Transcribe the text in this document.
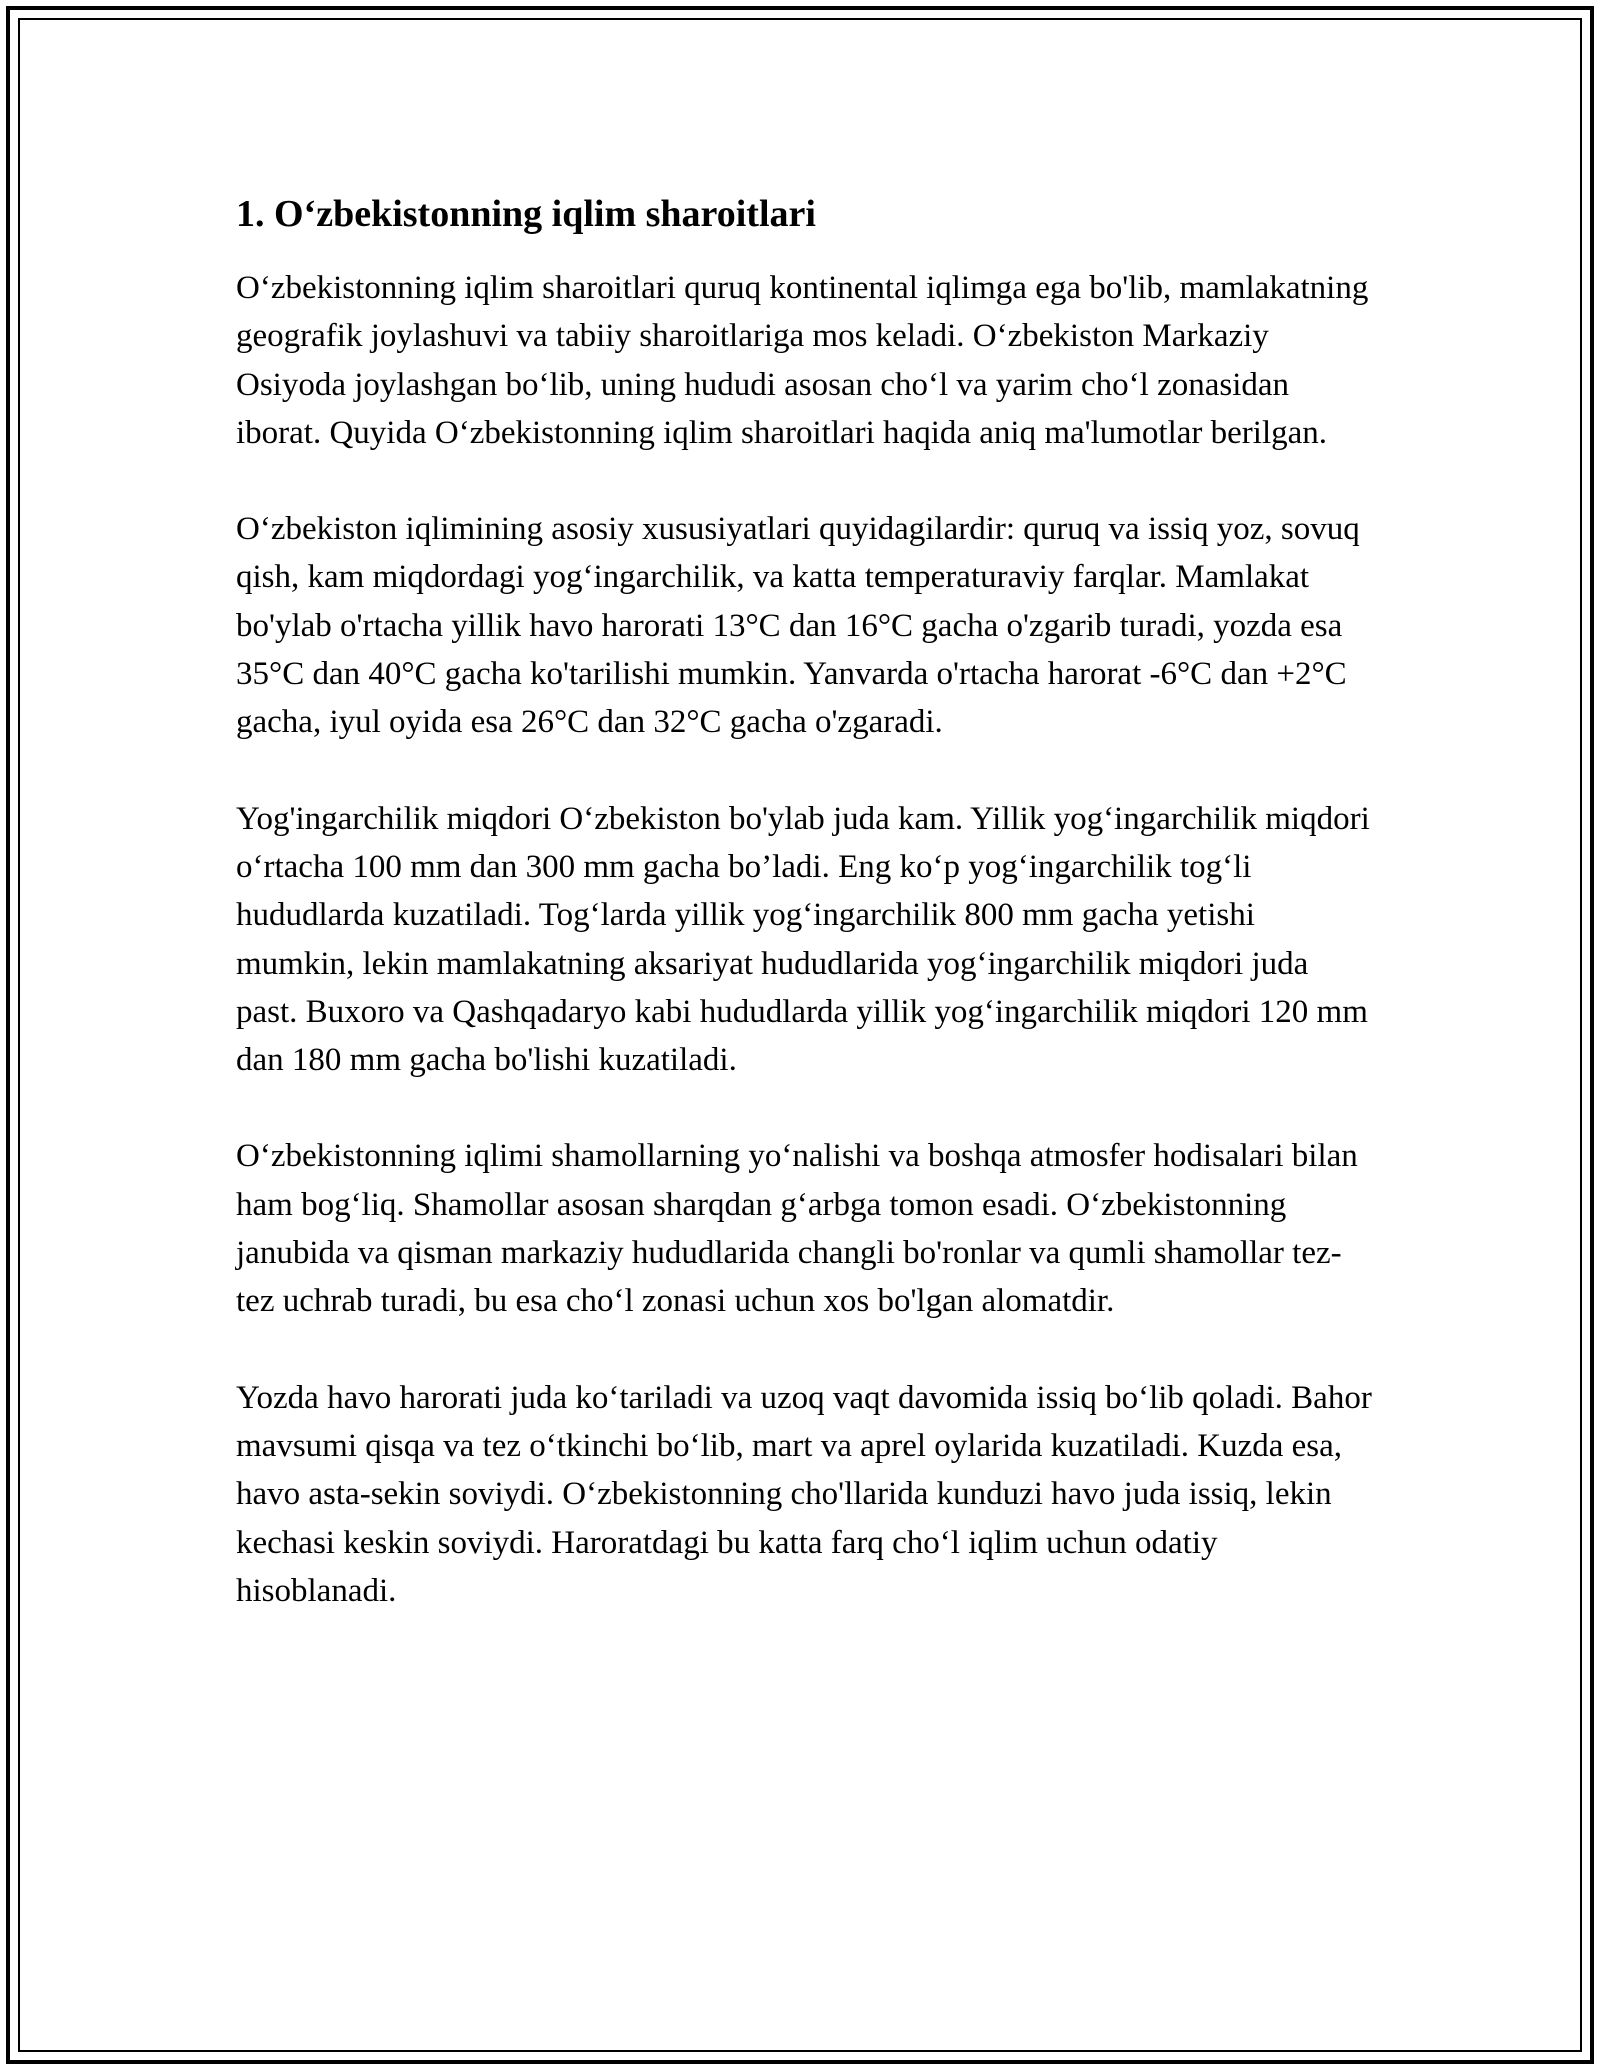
1. O‘zbekistonning iqlim sharoitlari

O‘zbekistonning iqlim sharoitlari quruq kontinental iqlimga ega bo'lib, mamlakatning geografik joylashuvi va tabiiy sharoitlariga mos keladi. O‘zbekiston Markaziy Osiyoda joylashgan bo‘lib, uning hududi asosan cho‘l va yarim cho‘l zonasidan iborat. Quyida O‘zbekistonning iqlim sharoitlari haqida aniq ma'lumotlar berilgan.

O‘zbekiston iqlimining asosiy xususiyatlari quyidagilardir: quruq va issiq yoz, sovuq qish, kam miqdordagi yog‘ingarchilik, va katta temperaturaviy farqlar. Mamlakat bo'ylab o'rtacha yillik havo harorati 13°C dan 16°C gacha o'zgarib turadi, yozda esa 35°C dan 40°C gacha ko'tarilishi mumkin. Yanvarda o'rtacha harorat -6°C dan +2°C gacha, iyul oyida esa 26°C dan 32°C gacha o'zgaradi.

Yog'ingarchilik miqdori O‘zbekiston bo'ylab juda kam. Yillik yog‘ingarchilik miqdori o‘rtacha 100 mm dan 300 mm gacha bo’ladi. Eng ko‘p yog‘ingarchilik tog‘li hududlarda kuzatiladi. Tog‘larda yillik yog‘ingarchilik 800 mm gacha yetishi mumkin, lekin mamlakatning aksariyat hududlarida yog‘ingarchilik miqdori juda past. Buxoro va Qashqadaryo kabi hududlarda yillik yog‘ingarchilik miqdori 120 mm dan 180 mm gacha bo'lishi kuzatiladi.

O‘zbekistonning iqlimi shamollarning yo‘nalishi va boshqa atmosfer hodisalari bilan ham bog‘liq. Shamollar asosan sharqdan g‘arbga tomon esadi. O‘zbekistonning janubida va qisman markaziy hududlarida changli bo'ronlar va qumli shamollar tez-tez uchrab turadi, bu esa cho‘l zonasi uchun xos bo'lgan alomatdir.

Yozda havo harorati juda ko‘tariladi va uzoq vaqt davomida issiq bo‘lib qoladi. Bahor mavsumi qisqa va tez o‘tkinchi bo‘lib, mart va aprel oylarida kuzatiladi. Kuzda esa, havo asta-sekin soviydi. O‘zbekistonning cho'llarida kunduzi havo juda issiq, lekin kechasi keskin soviydi. Haroratdagi bu katta farq cho‘l iqlim uchun odatiy hisoblanadi.
